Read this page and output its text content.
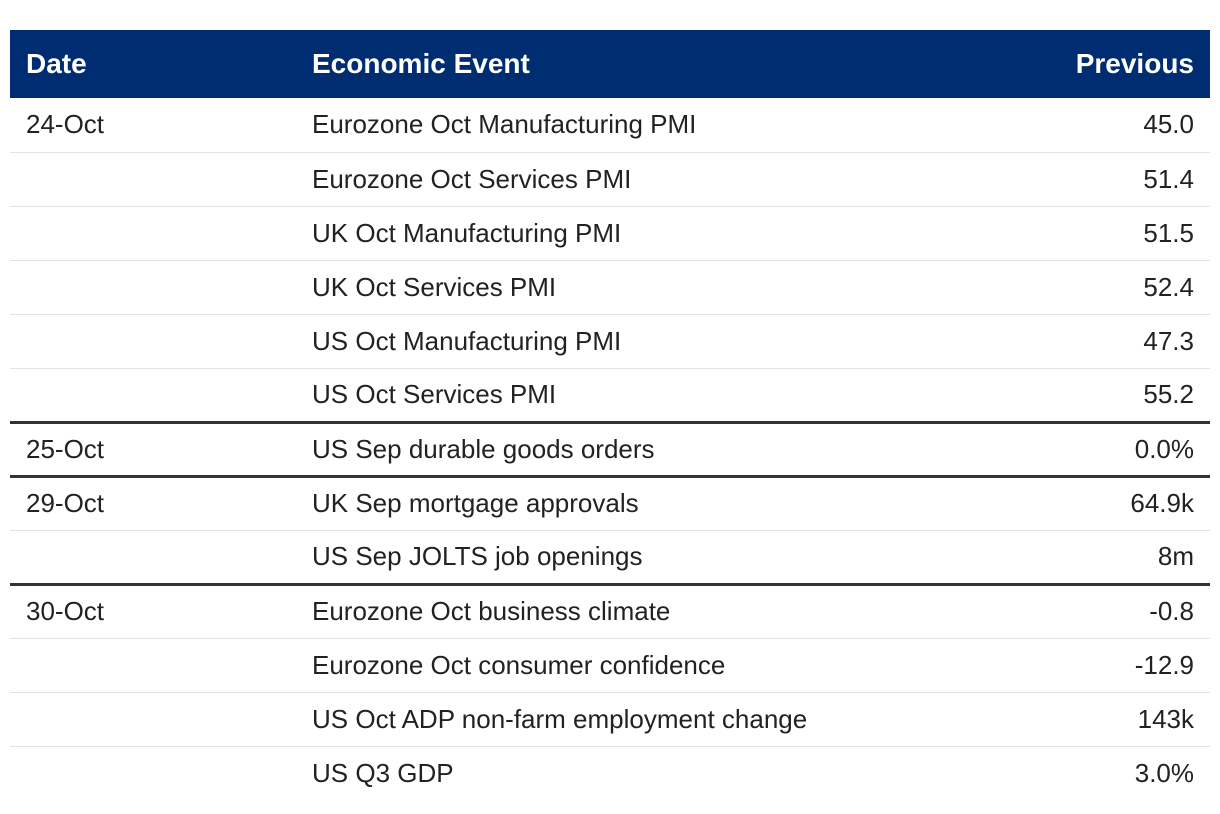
Date	Economic Event	Previous
24-Oct	Eurozone Oct Manufacturing PMI	45.0
	Eurozone Oct Services PMI	51.4
	UK Oct Manufacturing PMI	51.5
	UK Oct Services PMI	52.4
	US Oct Manufacturing PMI	47.3
	US Oct Services PMI	55.2
25-Oct	US Sep durable goods orders	0.0%
29-Oct	UK Sep mortgage approvals	64.9k
	US Sep JOLTS job openings	8m
30-Oct	Eurozone Oct business climate	-0.8
	Eurozone Oct consumer confidence	-12.9
	US Oct ADP non-farm employment change	143k
	US Q3 GDP	3.0%
